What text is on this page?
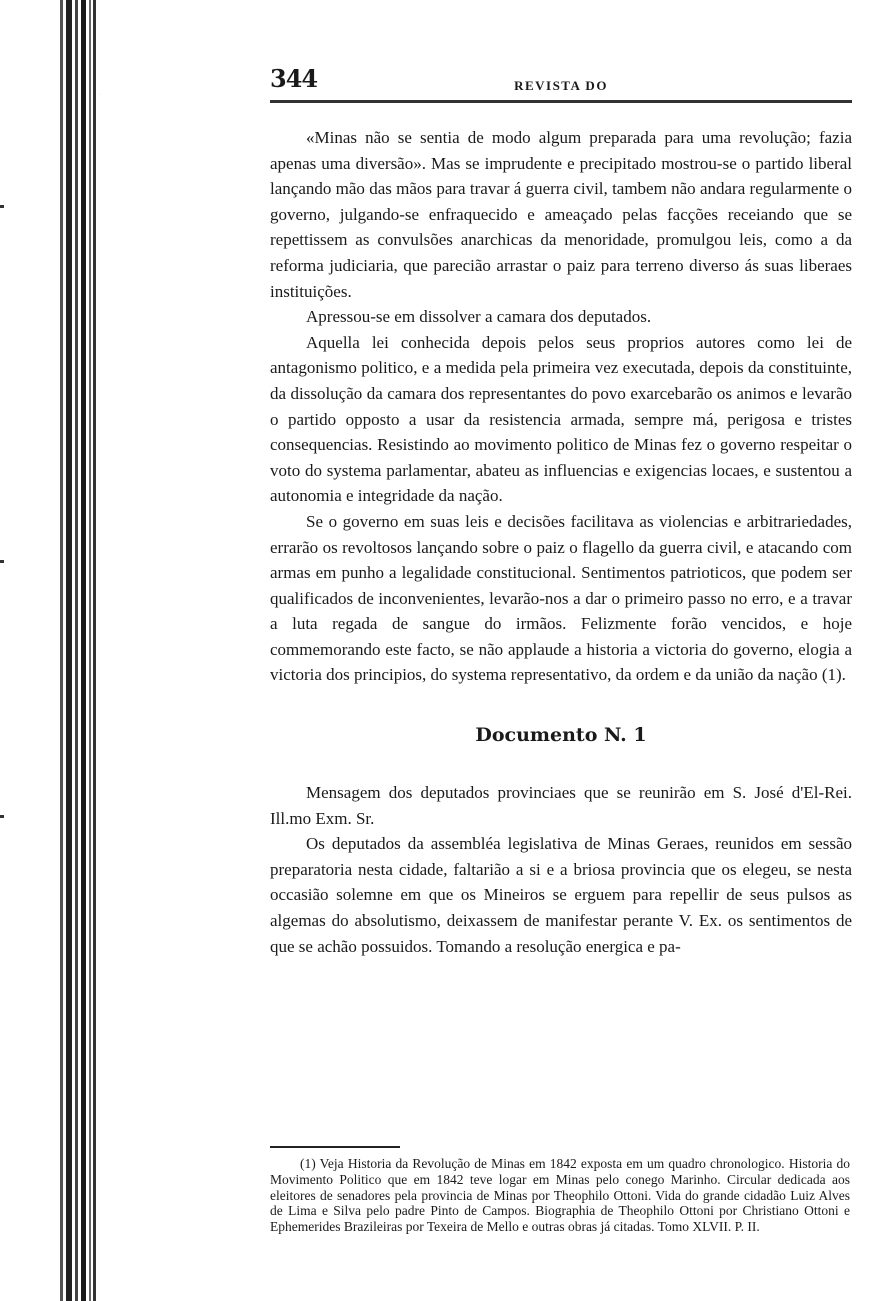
344	REVISTA DO

«Minas não se sentia de modo algum preparada para uma revolução; fazia apenas uma diversão». Mas se imprudente e precipitado mostrou-se o partido liberal lançando mão das mãos para travar á guerra civil, tambem não andara regularmente o governo, julgando-se enfraquecido e ameaçado pelas facções receiando que se repettissem as convulsões anarchicas da menoridade, promulgou leis, como a da reforma judiciaria, que parecião arrastar o paiz para terreno diverso ás suas liberaes instituições.

Apressou-se em dissolver a camara dos deputados.

Aquella lei conhecida depois pelos seus proprios autores como lei de antagonismo politico, e a medida pela primeira vez executada, depois da constituinte, da dissolução da camara dos representantes do povo exarcebarão os animos e levarão o partido opposto a usar da resistencia armada, sempre má, perigosa e tristes consequencias. Resistindo ao movimento politico de Minas fez o governo respeitar o voto do systema parlamentar, abateu as influencias e exigencias locaes, e sustentou a autonomia e integridade da nação.

Se o governo em suas leis e decisões facilitava as violencias e arbitrariedades, errarão os revoltosos lançando sobre o paiz o flagello da guerra civil, e atacando com armas em punho a legalidade constitucional. Sentimentos patrioticos, que podem ser qualificados de inconvenientes, levarão-nos a dar o primeiro passo no erro, e a travar a luta regada de sangue do irmãos. Felizmente forão vencidos, e hoje commemorando este facto, se não applaude a historia a victoria do governo, elogia a victoria dos principios, do systema representativo, da ordem e da união da nação (1).

Documento N. 1

Mensagem dos deputados provinciaes que se reunirão em S. José d'El-Rei. Ill.mo Exm. Sr.

Os deputados da assembléa legislativa de Minas Geraes, reunidos em sessão preparatoria nesta cidade, faltarião a si e a briosa provincia que os elegeu, se nesta occasião solemne em que os Mineiros se erguem para repellir de seus pulsos as algemas do absolutismo, deixassem de manifestar perante V. Ex. os sentimentos de que se achão possuidos. Tomando a resolução energica e pa-

(1) Veja Historia da Revolução de Minas em 1842 exposta em um quadro chronologico. Historia do Movimento Politico que em 1842 teve logar em Minas pelo conego Marinho. Circular dedicada aos eleitores de senadores pela provincia de Minas por Theophilo Ottoni. Vida do grande cidadão Luiz Alves de Lima e Silva pelo padre Pinto de Campos. Biographia de Theophilo Ottoni por Christiano Ottoni e Ephemerides Brazileiras por Texeira de Mello e outras obras já citadas. Tomo XLVII. P. II.
